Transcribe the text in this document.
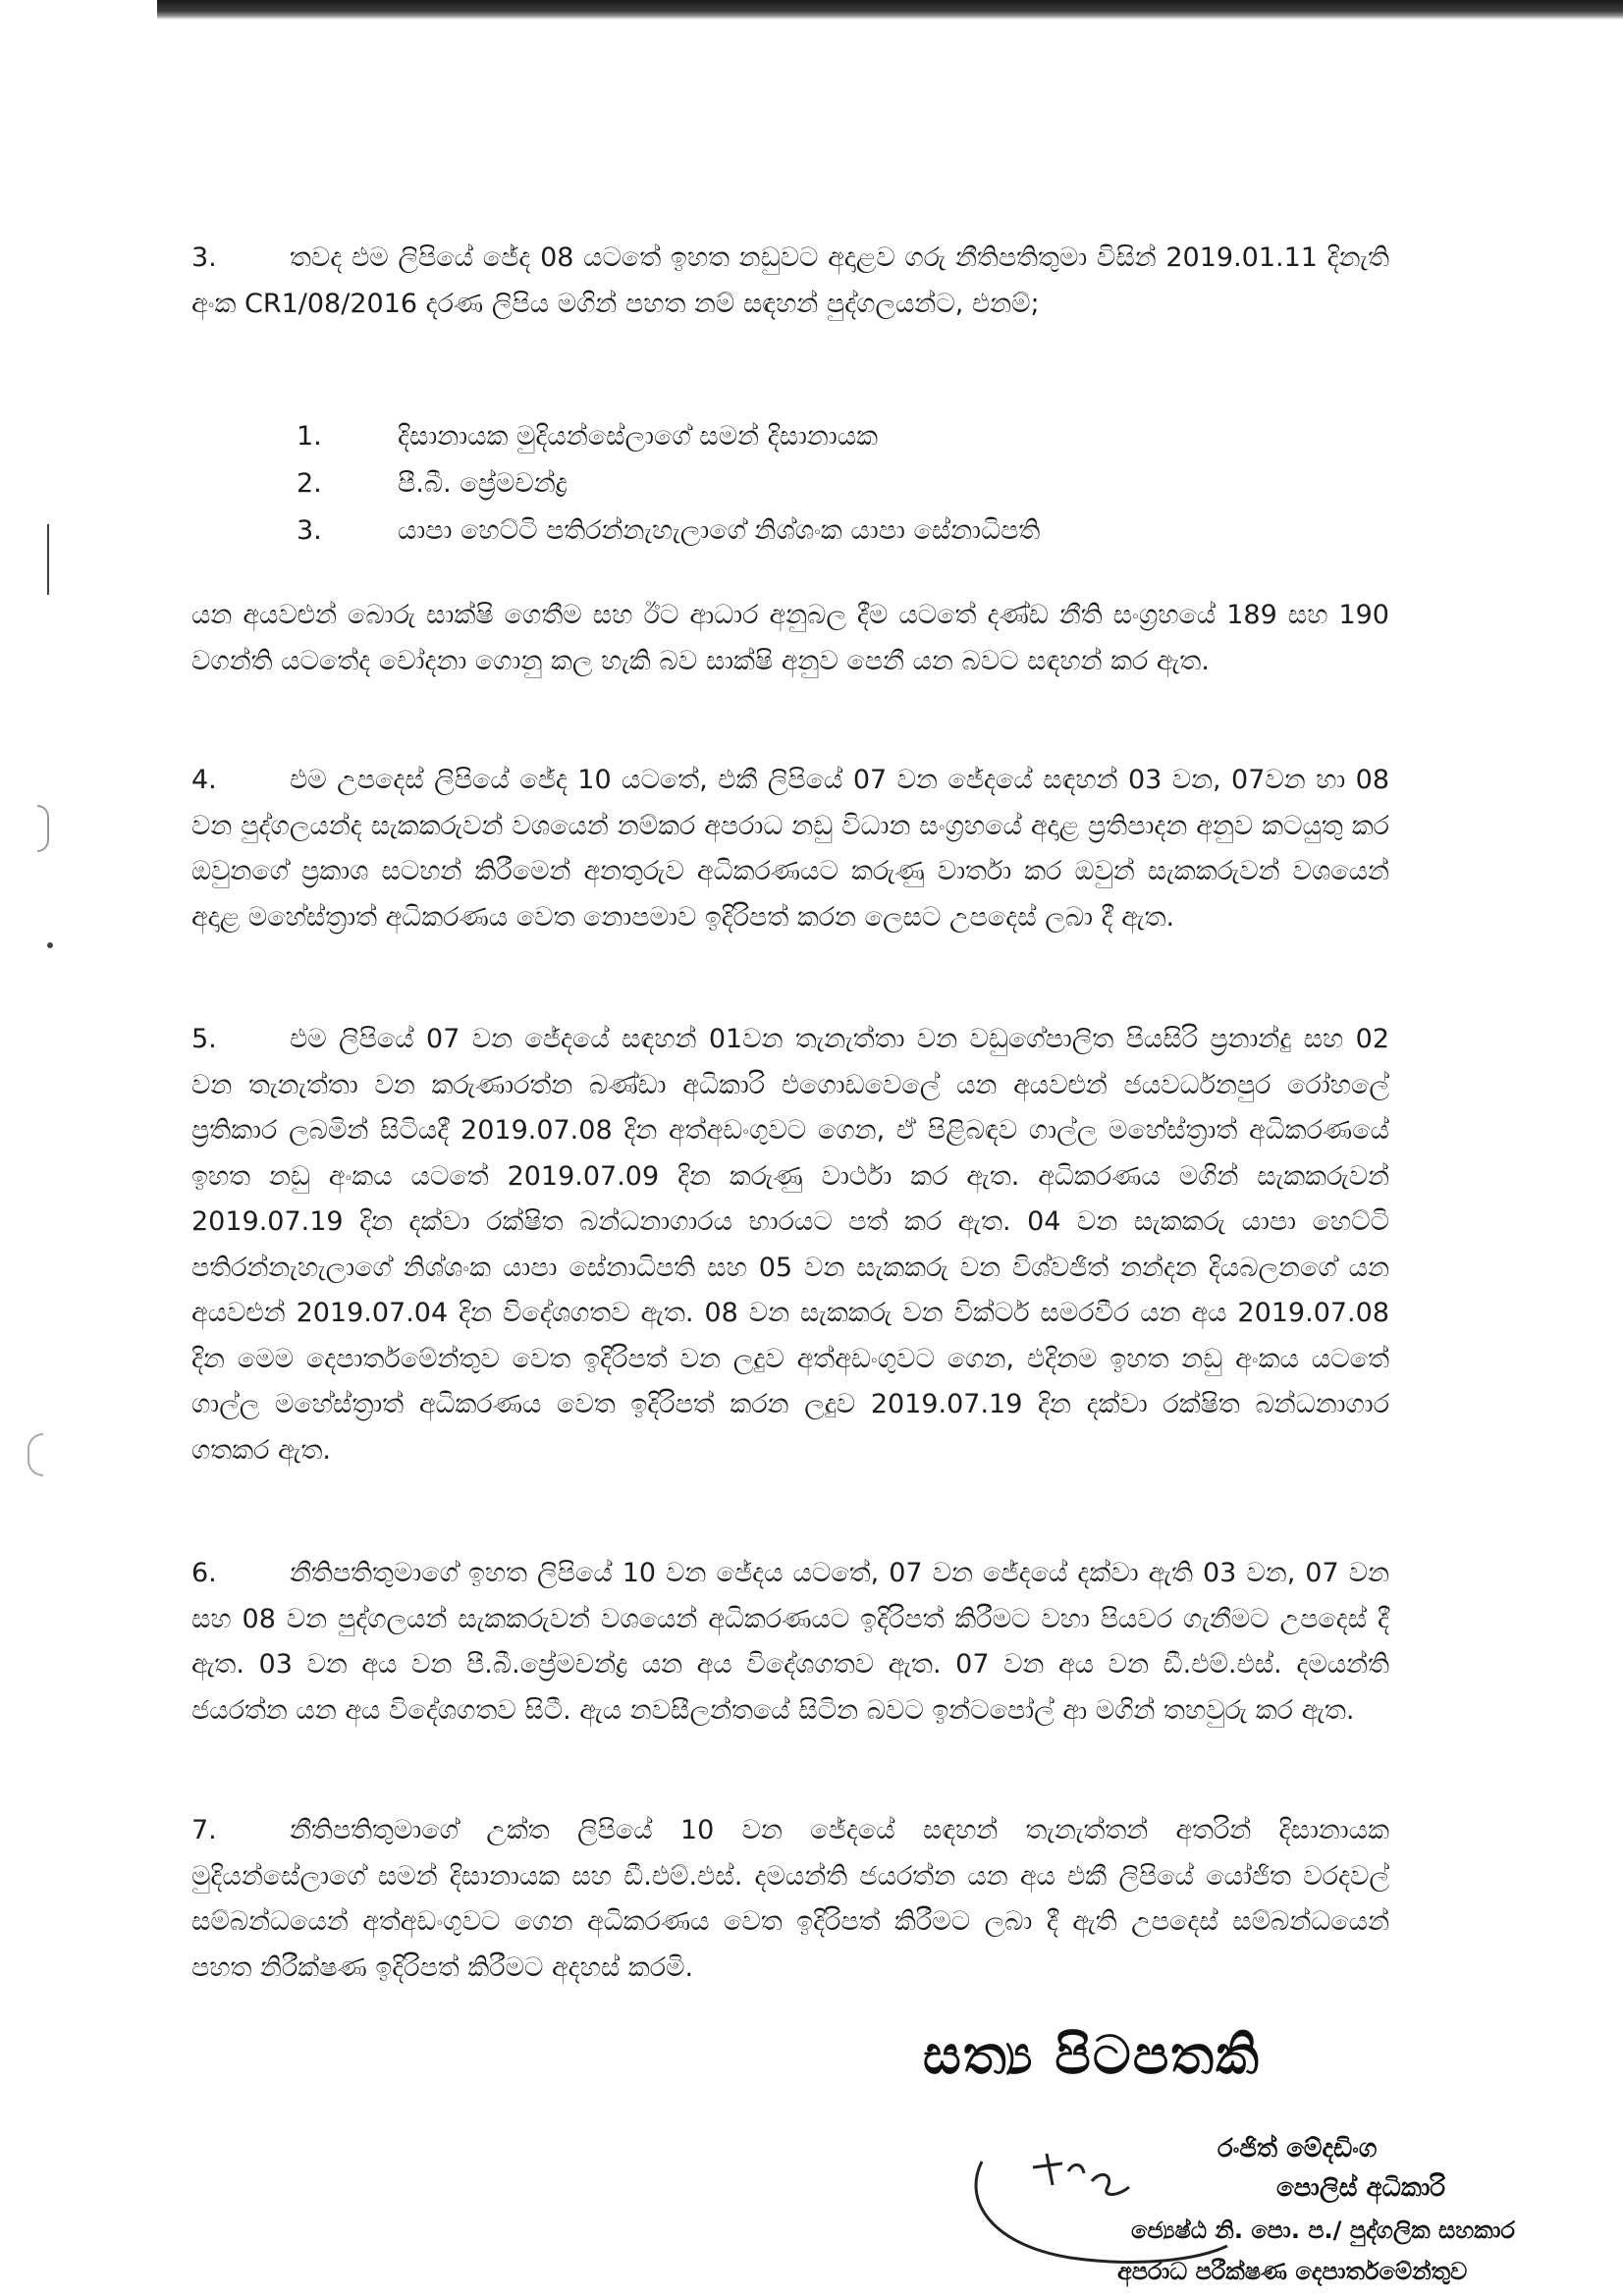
3.	තවද එම ලිපියේ ජේද 08 යටතේ ඉහත නඩුවට අදාළව ගරු නීතිපතිතුමා විසින් 2019.01.11 දිනැති අංක CR1/08/2016 දරණ ලිපිය මගින් පහත නම් සඳහන් පුද්ගලයන්ට, එනම්;
1.	දිසානායක මුදියන්සේලාගේ සමන් දිසානායක
2.	පී.බී. ප්‍රේමචන්ද්‍ර
3.	යාපා හෙට්ටි පතිරන්නැහැලාගේ නිශ්ශංක යාපා සේනාධිපති
යන අයවළුන් බොරු සාක්ෂි ගෙතීම සහ ඊට ආධාර අනුබල දීම යටතේ දණ්ඩ නීති සංග්‍රහයේ 189 සහ 190 වගන්ති යටතේද චෝදනා ගොනු කල හැකි බව සාක්ෂි අනුව පෙනී යන බවට සඳහන් කර ඇත.
4.	එම උපදෙස් ලිපියේ ජේද 10 යටතේ, එකී ලිපියේ 07 වන ජේදයේ සඳහන් 03 වන, 07වන හා 08 වන පුද්ගලයන්ද සැකකරුවන් වශයෙන් නම්කර අපරාධ නඩු විධාන සංග්‍රහයේ අදාළ ප්‍රතිපාදන අනුව කටයුතු කර ඔවුනගේ ප්‍රකාශ සටහන් කිරීමෙන් අනතුරුව අධිකරණයට කරුණු වාර්තා කර ඔවුන් සැකකරුවන් වශයෙන් අදාළ මහේස්ත්‍රාත් අධිකරණය වෙත නොපමාව ඉදිරිපත් කරන ලෙසට උපදෙස් ලබා දී ඇත.
5.	එම ලිපියේ 07 වන ජේදයේ සඳහන් 01වන තැනැත්තා වන වඩුගේපාලිත පියසිරි ප්‍රනාන්දු සහ 02 වන තැනැත්තා වන කරුණාරත්න බණ්ඩා අධිකාරි එගොඩවෙලේ යන අයවළුන් ජයවර්ධනපුර රෝහලේ ප්‍රතිකාර ලබමින් සිටියදී 2019.07.08 දින අත්අඩංගුවට ගෙන, ඒ පිළිබඳව ගාල්ල මහේස්ත්‍රාත් අධිකරණයේ ඉහත නඩු අංකය යටතේ 2019.07.09 දින කරුණු වාර්ථා කර ඇත. අධිකරණය මගින් සැකකරුවන් 2019.07.19 දින දක්වා රක්ෂිත බන්ධනාගාරය භාරයට පත් කර ඇත. 04 වන සැකකරු යාපා හෙට්ටි පතිරන්නැහැලාගේ නිශ්ශංක යාපා සේනාධිපති සහ 05 වන සැකකරු වන විශ්වජිත් නන්දන දියබලනගේ යන අයවළුන් 2019.07.04 දින විදේශගතව ඇත. 08 වන සැකකරු වන වික්ටර් සමරවීර යන අය 2019.07.08 දින මෙම දෙපාර්තමේන්තුව වෙත ඉදිරිපත් වන ලදුව අත්අඩංගුවට ගෙන, එදිනම ඉහත නඩු අංකය යටතේ ගාල්ල මහේස්ත්‍රාත් අධිකරණය වෙත ඉදිරිපත් කරන ලදුව 2019.07.19 දින දක්වා රක්ෂිත බන්ධනාගාර ගතකර ඇත.
6.	නීතිපතිතුමාගේ ඉහත ලිපියේ 10 වන ජේදය යටතේ, 07 වන ජේදයේ දක්වා ඇති 03 වන, 07 වන සහ 08 වන පුද්ගලයන් සැකකරුවන් වශයෙන් අධිකරණයට ඉදිරිපත් කිරීමට වහා පියවර ගැනීමට උපදෙස් දී ඇත. 03 වන අය වන පී.බී.ප්‍රේමචන්ද්‍ර යන අය විදේශගතව ඇත. 07 වන අය වන ඩී.එම්.එස්. දමයන්ති ජයරත්න යන අය විදේශගතව සිටී. ඇය නවසීලන්තයේ සිටින බවට ඉන්ටපෝල් ආ මගින් තහවුරු කර ඇත.
7.	නීතිපතිතුමාගේ උක්ත ලිපියේ 10 වන ජේදයේ සඳහන් තැනැත්තන් අතරින් දිසානායක මුදියන්සේලාගේ සමන් දිසානායක සහ ඩී.එම්.එස්. දමයන්ති ජයරත්න යන අය එකී ලිපියේ යෝජිත වරදවල් සම්බන්ධයෙන් අත්අඩංගුවට ගෙන අධිකරණය වෙත ඉදිරිපත් කිරීමට ලබා දී ඇති උපදෙස් සම්බන්ධයෙන් පහත නිරීක්ෂණ ඉදිරිපත් කිරීමට අදහස් කරමි.
සත්‍ය පිටපතකි
රංජිත් මේදඩිංග
පොලිස් අධිකාරි
ජ්‍යෙෂ්ඨ නි. පො. ප./ පුද්ගලික සහකාර
අපරාධ පරීක්ෂණ දෙපාර්තමේන්තුව
